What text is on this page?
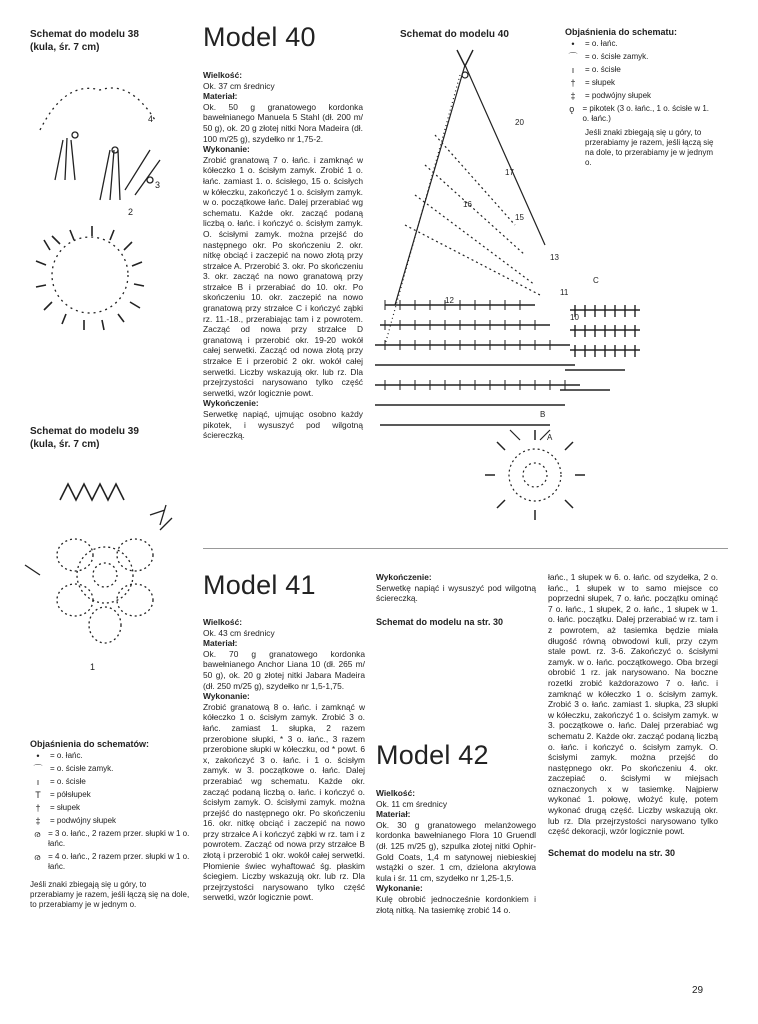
Schemat do modelu 38
(kula, śr. 7 cm)
4
3
2
Schemat do modelu 39
(kula, śr. 7 cm)
1
Model 40
Wielkość:

Ok. 37 cm średnicy

Materiał:

Ok. 50 g granatowego kordonka bawełnianego Manuela 5 Stahl (dł. 200 m/ 50 g), ok. 20 g złotej nitki Nora Madeira (dł. 100 m/25 g), szydełko nr 1,75-2.

Wykonanie:

Zrobić granatową 7 o. łańc. i zamknąć w kółeczko 1 o. ścisłym zamyk. Zrobić 1 o. łańc. zamiast 1. o. ścisłego, 15 o. ścisłych w kółeczku, zakończyć 1 o. ścisłym zamyk. w o. początkowe łańc. Dalej przerabiać wg schematu. Każde okr. zacząć podaną liczbą o. łańc. i kończyć o. ścisłym zamyk. O. ścisłymi zamyk. można przejść do następnego okr. Po skończeniu 2. okr. nitkę obciąć i zaczepić na nowo złotą przy strzałce A. Przerobić 3. okr. Po skończeniu 3. okr. zacząć na nowo granatową przy strzałce B i przerabiać do 10. okr. Po skończeniu 10. okr. zaczepić na nowo granatową przy strzałce C i kończyć ząbki rz. 11.-18., przerabiając tam i z powrotem. Zacząć od nowa przy strzałce D granatową i przerobić okr. 19-20 wokół całej serwetki. Zacząć od nowa złotą przy strzałce E i przerobić 2 okr. wokół całej serwetki. Liczby wskazują okr. lub rz. Dla przejrzystości narysowano tylko część serwetki, wzór logicznie powt.

Wykończenie:

Serwetkę napiąć, ujmując osobno każdy pikotek, i wysuszyć pod wilgotną ściereczką.

Schemat do modelu 40
20
17
15
16
13
11
10
12
C
B
A
Objaśnienia do schematu:
•	= o. łańc.
⌒ = o. ścisłe zamyk.
ı	= o. ścisłe
†	= słupek
‡	= podwójny słupek
ǫ	= pikotek (3 o. łańc., 1 o. ścisłe w 1. o. łańc.)
Jeśli znaki zbiegają się u góry, to przerabiamy je razem, jeśli łączą się na dole, to przerabiamy je w jednym o.
Model 41
Wielkość:

Ok. 43 cm średnicy

Materiał:

Ok. 70 g granatowego kordonka bawełnianego Anchor Liana 10 (dł. 265 m/ 50 g), ok. 20 g złotej nitki Jabara Madeira (dł. 250 m/25 g), szydełko nr 1,5-1,75.

Wykonanie:

Zrobić granatową 8 o. łańc. i zamknąć w kółeczko 1 o. ścisłym zamyk. Zrobić 3 o. łańc. zamiast 1. słupka, 2 razem przerobione słupki, * 3 o. łańc., 3 razem przerobione słupki w kółeczku, od * powt. 6 x, zakończyć 3 o. łańc. i 1 o. ścisłym zamyk. w 3. początkowe o. łańc. Dalej przerabiać wg schematu. Każde okr. zacząć podaną liczbą o. łańc. i kończyć o. ścisłym zamyk. O. ścisłymi zamyk. można przejść do następnego okr. Po skończeniu 16. okr. nitkę obciąć i zaczepić na nowo przy strzałce A i kończyć ząbki w rz. tam i z powrotem. Zacząć od nowa przy strzałce B złotą i przerobić 1 okr. wokół całej serwetki. Płomienie świec wyhaftować śg. płaskim ściegiem. Liczby wskazują okr. lub rz. Dla przejrzystości narysowano tylko część serwetki, wzór logicznie powt.

Wykończenie:

Serwetkę napiąć i wysuszyć pod wilgotną ściereczką.

Schemat do modelu na str. 30
Model 42
Wielkość:

Ok. 11 cm średnicy

Materiał:

Ok. 30 g granatowego melanżowego kordonka bawełnianego Flora 10 Gruendl (dł. 125 m/25 g), szpulka złotej nitki Ophir-Gold Coats, 1,4 m satynowej niebieskiej wstążki o szer. 1 cm, dzielona akrylowa kula i śr. 11 cm, szydełko nr 1,25-1,5.

Wykonanie:

Kulę obrobić jednocześnie kordonkiem i złotą nitką. Na tasiemkę zrobić 14 o.

łańc., 1 słupek w 6. o. łańc. od szydełka, 2 o. łańc., 1 słupek w to samo miejsce co poprzedni słupek, 7 o. łańc. początku ominąć 7 o. łańc., 1 słupek, 2 o. łańc., 1 słupek w 1. o. łańc. początku. Dalej przerabiać w rz. tam i z powrotem, aż tasiemka będzie miała długość równą obwodowi kuli, przy czym stale powt. rz. 3-6. Zakończyć o. ścisłymi zamyk. w o. łańc. początkowego. Oba brzegi obrobić 1 rz. jak narysowano. Na boczne rozetki zrobić każdorazowo 7 o. łańc. i zamknąć w kółeczko 1 o. ścisłym zamyk. Zrobić 3 o. łańc. zamiast 1. słupka, 23 słupki w kółeczku, zakończyć 1 o. ścisłym zamyk. w 3. początkowe o. łańc. Dalej przerabiać wg schematu 2. Każde okr. zacząć podaną liczbą o. łańc. i kończyć o. ścisłym zamyk. O. ścisłymi zamyk. można przejść do następnego okr. Po skończeniu 4. okr. zaczepiać o. ścisłymi w miejsach oznaczonych x w tasiemkę. Najpierw wykonać 1. połowę, włożyć kulę, potem wykonać drugą część. Liczby wskazują okr. lub rz. Dla przejrzystości narysowano tylko część dekoracji, wzór logicznie powt.

Schemat do modelu na str. 30
Objaśnienia do schematów:
•	= o. łańc.
⌒ = o. ścisłe zamyk.
ı	= o. ścisłe
T	= półsłupek
†	= słupek
‡	= podwójny słupek
ര = 3 o. łańc., 2 razem przer. słupki w 1 o. łańc.
ര = 4 o. łańc., 2 razem przer. słupki w 1 o. łańc.
Jeśli znaki zbiegają się u góry, to przerabiamy je razem, jeśli łączą się na dole, to przerabiamy je w jednym o.
29
